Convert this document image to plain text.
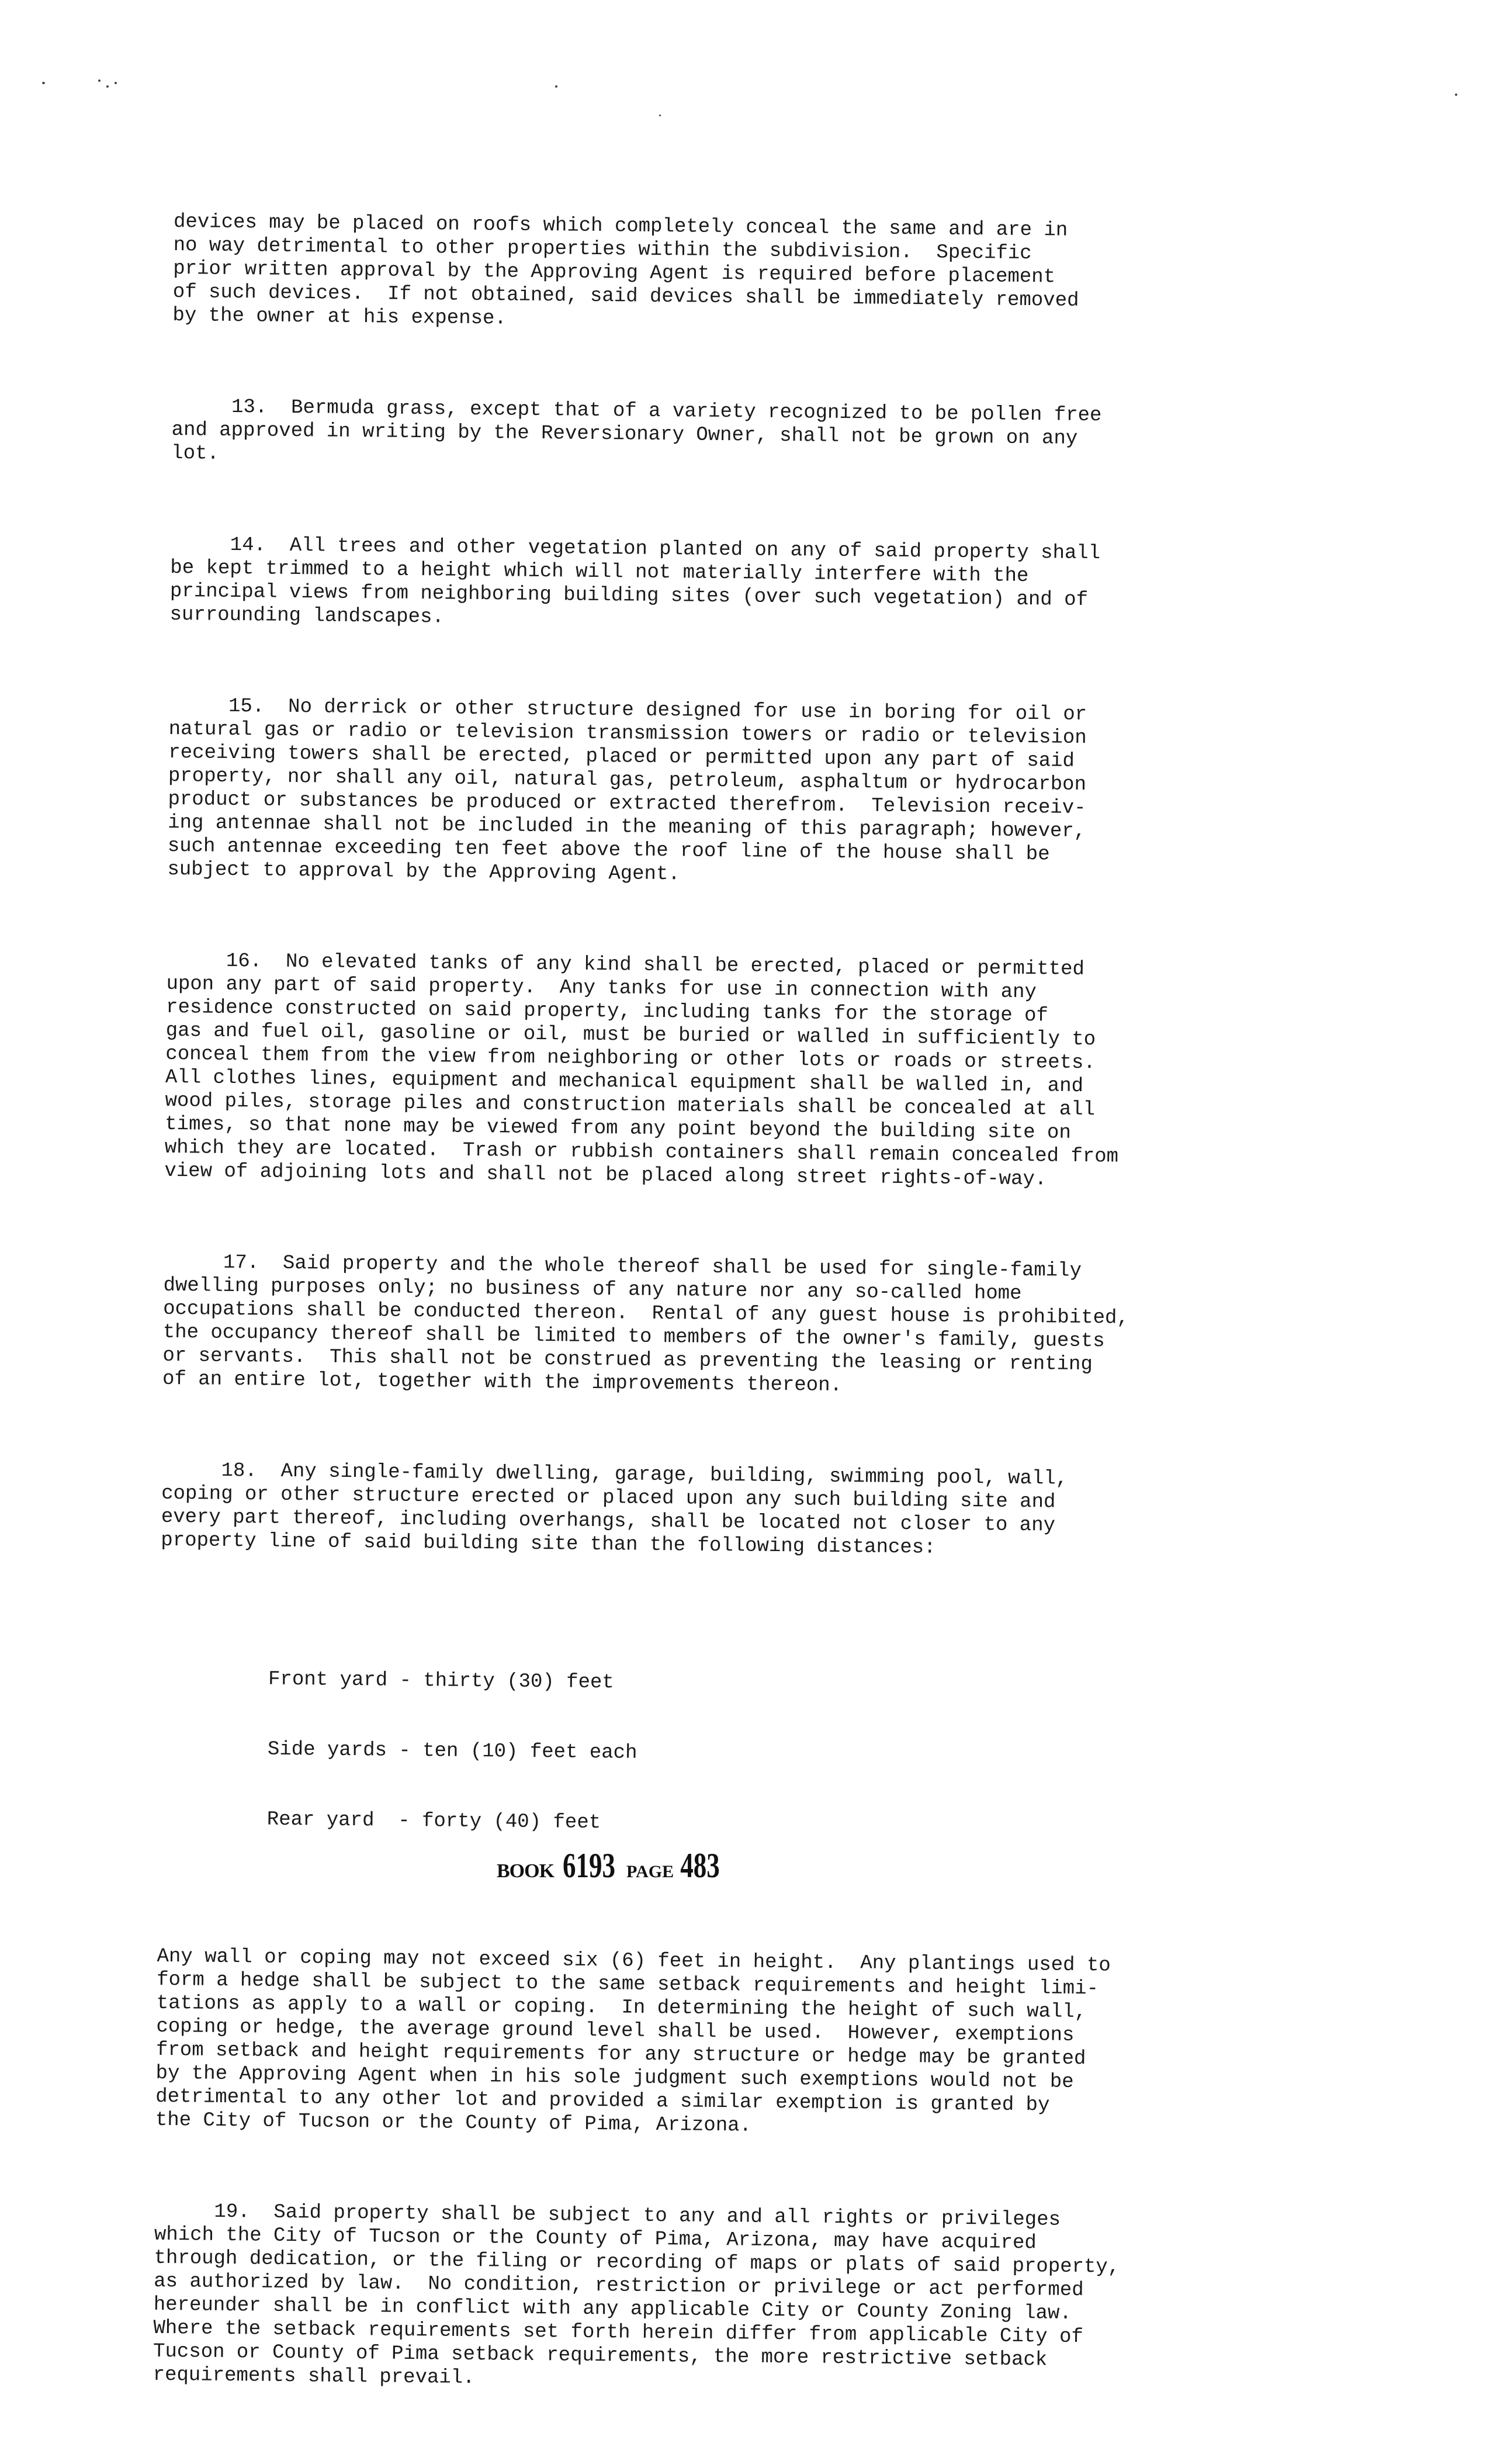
devices may be placed on roofs which completely conceal the same and are in
no way detrimental to other properties within the subdivision.  Specific
prior written approval by the Approving Agent is required before placement
of such devices.  If not obtained, said devices shall be immediately removed
by the owner at his expense.

13.  Bermuda grass, except that of a variety recognized to be pollen free
and approved in writing by the Reversionary Owner, shall not be grown on any
lot.

14.  All trees and other vegetation planted on any of said property shall
be kept trimmed to a height which will not materially interfere with the
principal views from neighboring building sites (over such vegetation) and of
surrounding landscapes.

15.  No derrick or other structure designed for use in boring for oil or
natural gas or radio or television transmission towers or radio or television
receiving towers shall be erected, placed or permitted upon any part of said
property, nor shall any oil, natural gas, petroleum, asphaltum or hydrocarbon
product or substances be produced or extracted therefrom.  Television receiv-
ing antennae shall not be included in the meaning of this paragraph; however,
such antennae exceeding ten feet above the roof line of the house shall be
subject to approval by the Approving Agent.

16.  No elevated tanks of any kind shall be erected, placed or permitted
upon any part of said property.  Any tanks for use in connection with any
residence constructed on said property, including tanks for the storage of
gas and fuel oil, gasoline or oil, must be buried or walled in sufficiently to
conceal them from the view from neighboring or other lots or roads or streets.
All clothes lines, equipment and mechanical equipment shall be walled in, and
wood piles, storage piles and construction materials shall be concealed at all
times, so that none may be viewed from any point beyond the building site on
which they are located.  Trash or rubbish containers shall remain concealed from
view of adjoining lots and shall not be placed along street rights-of-way.

17.  Said property and the whole thereof shall be used for single-family
dwelling purposes only; no business of any nature nor any so-called home
occupations shall be conducted thereon.  Rental of any guest house is prohibited,
the occupancy thereof shall be limited to members of the owner's family, guests
or servants.  This shall not be construed as preventing the leasing or renting
of an entire lot, together with the improvements thereon.

18.  Any single-family dwelling, garage, building, swimming pool, wall,
coping or other structure erected or placed upon any such building site and
every part thereof, including overhangs, shall be located not closer to any
property line of said building site than the following distances:

Front yard - thirty (30) feet

Side yards - ten (10) feet each

Rear yard  - forty (40) feet

Any wall or coping may not exceed six (6) feet in height.  Any plantings used to
form a hedge shall be subject to the same setback requirements and height limi-
tations as apply to a wall or coping.  In determining the height of such wall,
coping or hedge, the average ground level shall be used.  However, exemptions
from setback and height requirements for any structure or hedge may be granted
by the Approving Agent when in his sole judgment such exemptions would not be
detrimental to any other lot and provided a similar exemption is granted by
the City of Tucson or the County of Pima, Arizona.

19.  Said property shall be subject to any and all rights or privileges
which the City of Tucson or the County of Pima, Arizona, may have acquired
through dedication, or the filing or recording of maps or plats of said property,
as authorized by law.  No condition, restriction or privilege or act performed
hereunder shall be in conflict with any applicable City or County Zoning law.
Where the setback requirements set forth herein differ from applicable City of
Tucson or County of Pima setback requirements, the more restrictive setback
requirements shall prevail.

BOOK 6193 PAGE 483
